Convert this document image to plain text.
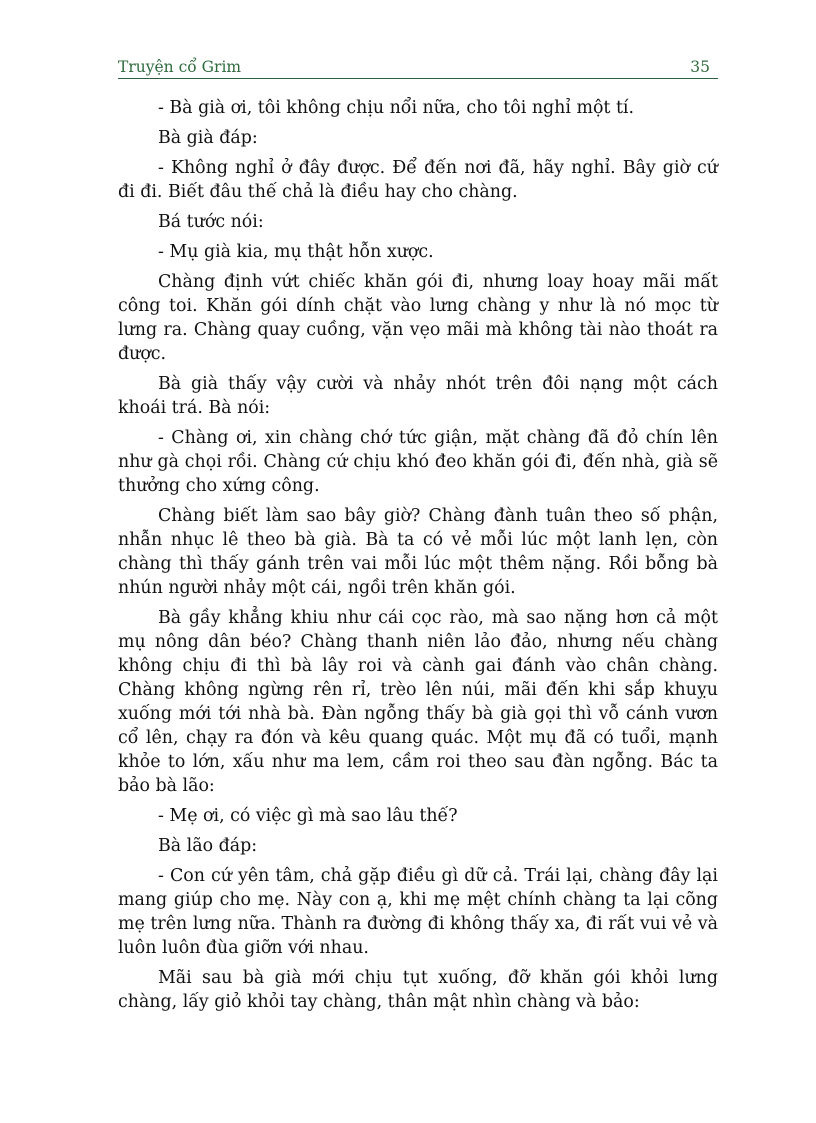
Truyện cổ Grim	35

- Bà già ơi, tôi không chịu nổi nữa, cho tôi nghỉ một tí.

Bà già đáp:

- Không nghỉ ở đây được. Để đến nơi đã, hãy nghỉ. Bây giờ cứ đi đi. Biết đâu thế chả là điều hay cho chàng.

Bá tước nói:

- Mụ già kia, mụ thật hỗn xược.

Chàng định vứt chiếc khăn gói đi, nhưng loay hoay mãi mất công toi. Khăn gói dính chặt vào lưng chàng y như là nó mọc từ lưng ra. Chàng quay cuồng, vặn vẹo mãi mà không tài nào thoát ra được.

Bà già thấy vậy cười và nhảy nhót trên đôi nạng một cách khoái trá. Bà nói:

- Chàng ơi, xin chàng chớ tức giận, mặt chàng đã đỏ chín lên như gà chọi rồi. Chàng cứ chịu khó đeo khăn gói đi, đến nhà, già sẽ thưởng cho xứng công.

Chàng biết làm sao bây giờ? Chàng đành tuân theo số phận, nhẫn nhục lê theo bà già. Bà ta có vẻ mỗi lúc một lanh lẹn, còn chàng thì thấy gánh trên vai mỗi lúc một thêm nặng. Rồi bỗng bà nhún người nhảy một cái, ngồi trên khăn gói.

Bà gầy khẳng khiu như cái cọc rào, mà sao nặng hơn cả một mụ nông dân béo? Chàng thanh niên lảo đảo, nhưng nếu chàng không chịu đi thì bà lây roi và cành gai đánh vào chân chàng. Chàng không ngừng rên rỉ, trèo lên núi, mãi đến khi sắp khuỵu xuống mới tới nhà bà. Đàn ngỗng thấy bà già gọi thì vỗ cánh vươn cổ lên, chạy ra đón và kêu quang quác. Một mụ đã có tuổi, mạnh khỏe to lớn, xấu như ma lem, cầm roi theo sau đàn ngỗng. Bác ta bảo bà lão:

- Mẹ ơi, có việc gì mà sao lâu thế?

Bà lão đáp:

- Con cứ yên tâm, chả gặp điều gì dữ cả. Trái lại, chàng đây lại mang giúp cho mẹ. Này con ạ, khi mẹ mệt chính chàng ta lại cõng mẹ trên lưng nữa. Thành ra đường đi không thấy xa, đi rất vui vẻ và luôn luôn đùa giỡn với nhau.

Mãi sau bà già mới chịu tụt xuống, đỡ khăn gói khỏi lưng chàng, lấy giỏ khỏi tay chàng, thân mật nhìn chàng và bảo:
